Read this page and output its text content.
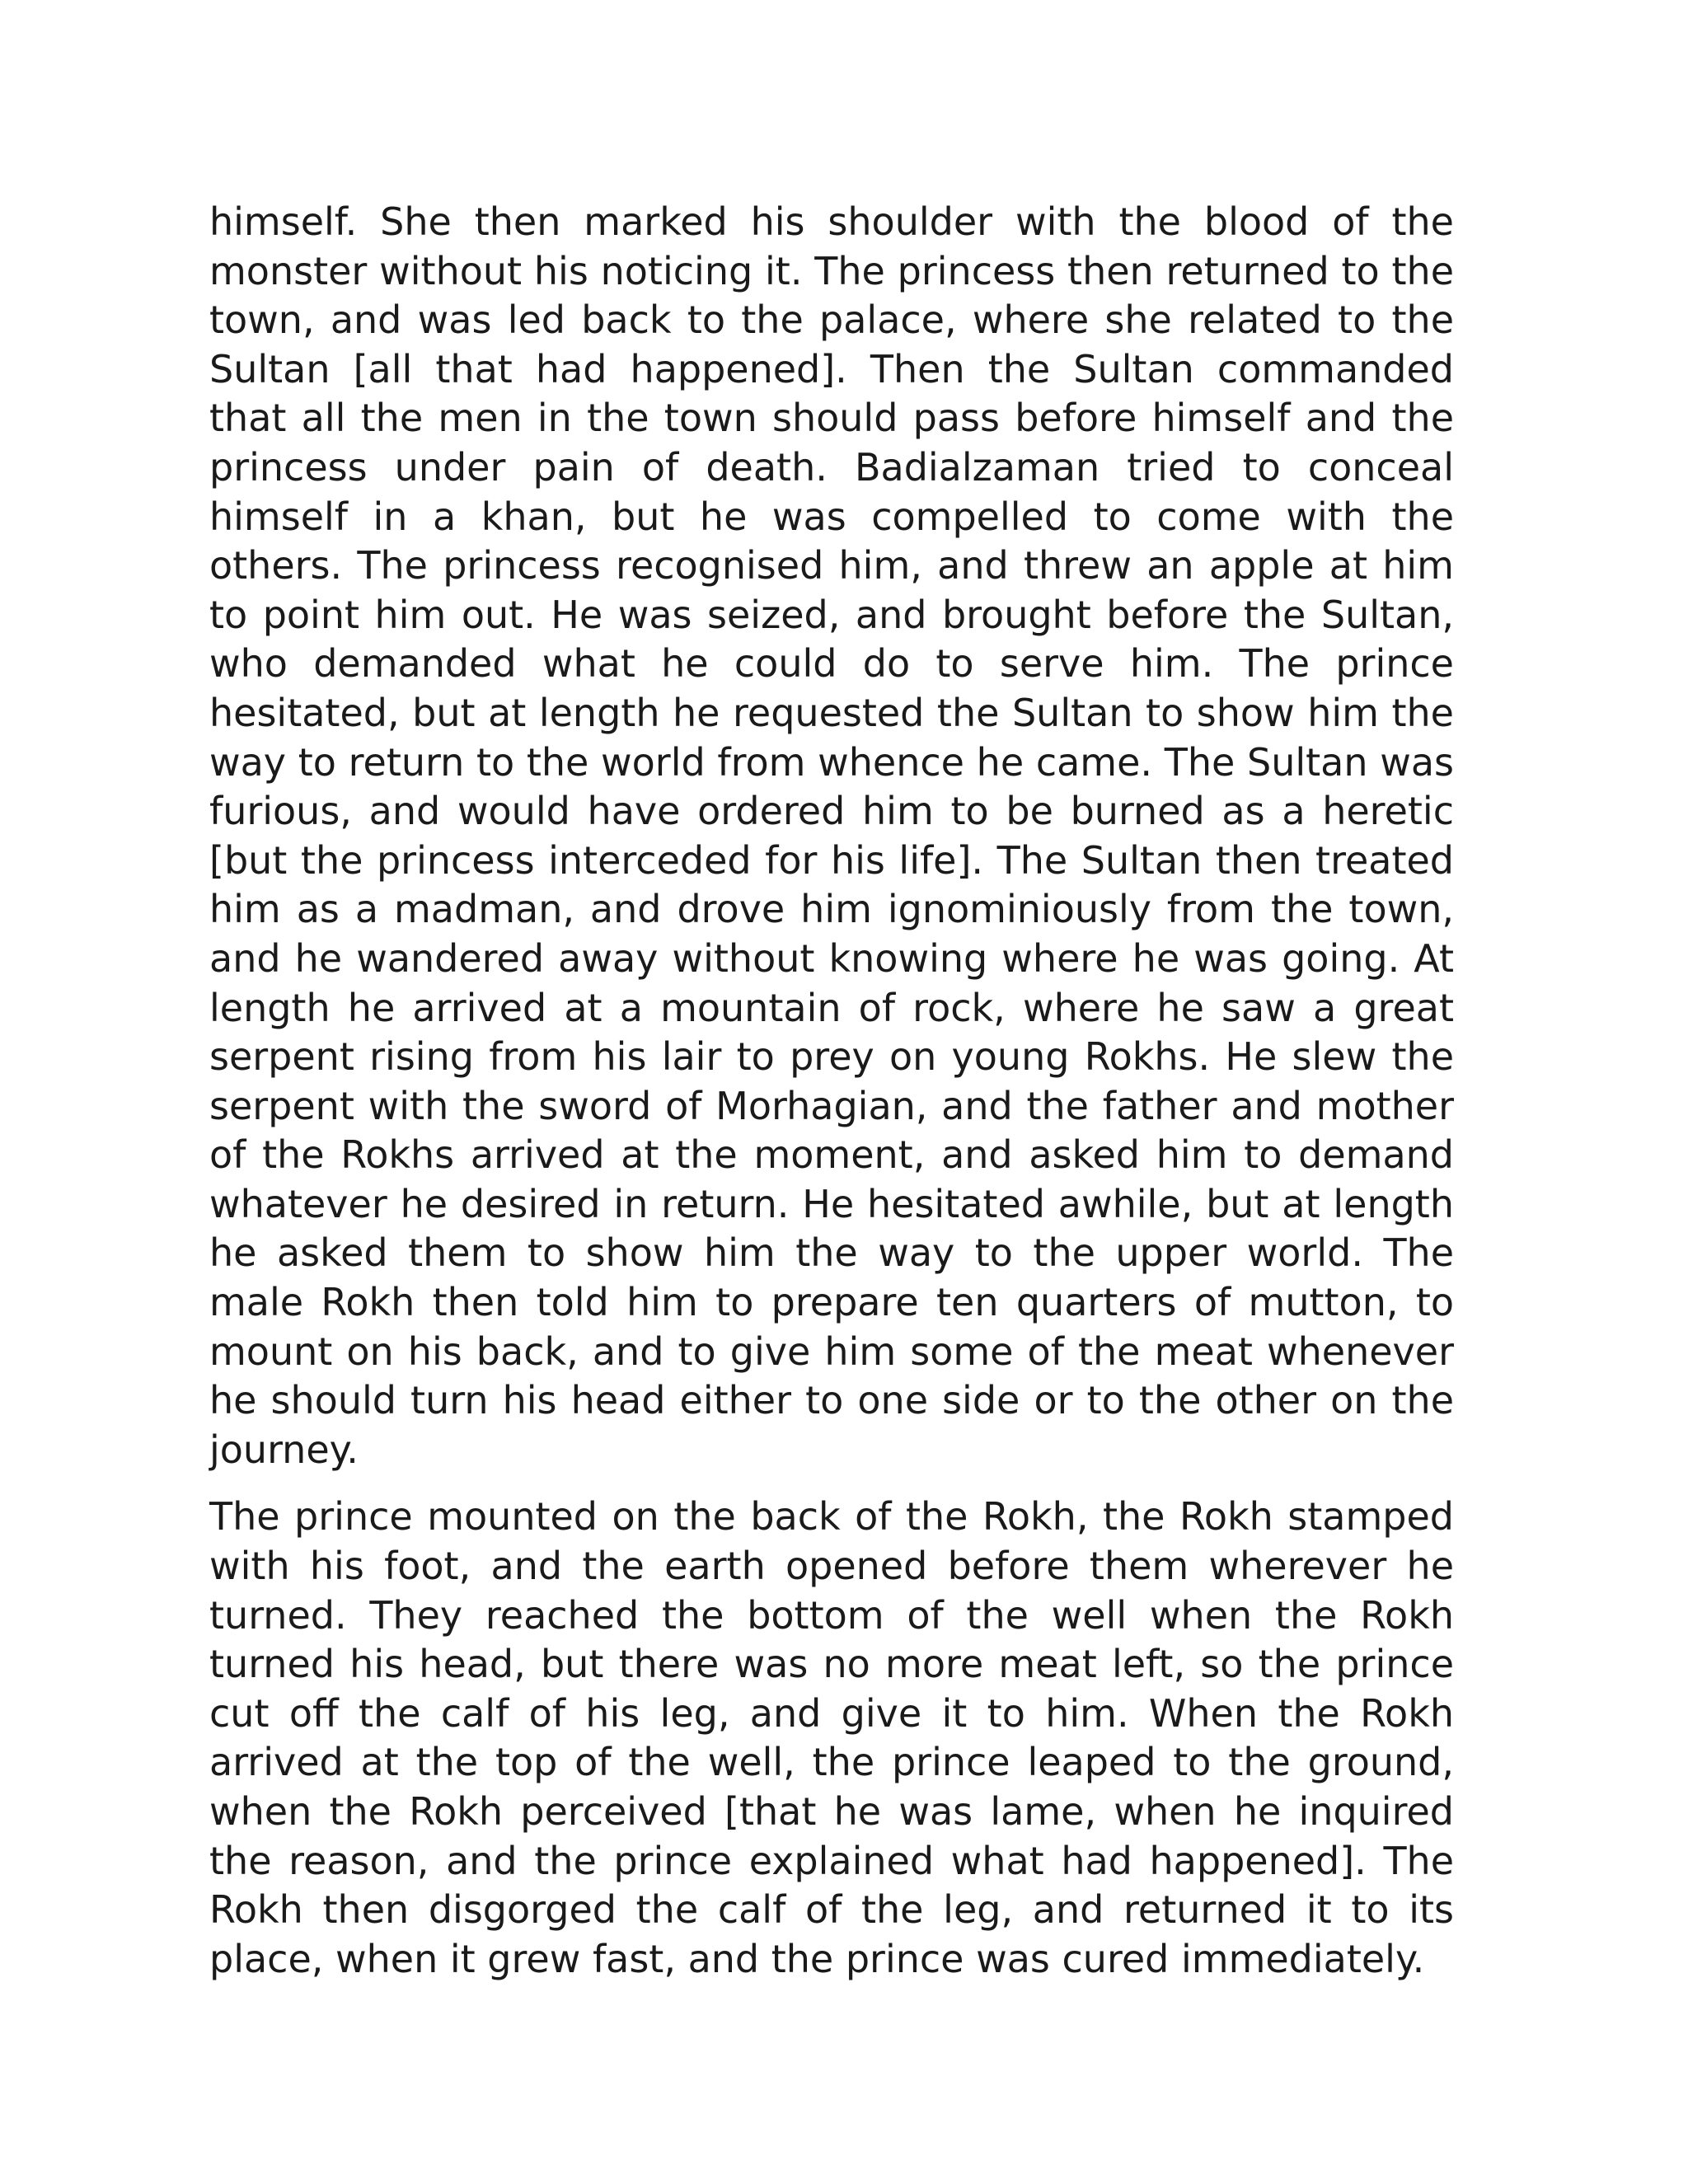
himself. She then marked his shoulder with the blood of the monster without his noticing it. The princess then returned to the town, and was led back to the palace, where she related to the Sultan [all that had happened]. Then the Sultan commanded that all the men in the town should pass before himself and the princess under pain of death. Badialzaman tried to conceal himself in a khan, but he was compelled to come with the others. The princess recognised him, and threw an apple at him to point him out. He was seized, and brought before the Sultan, who demanded what he could do to serve him. The prince hesitated, but at length he requested the Sultan to show him the way to return to the world from whence he came. The Sultan was furious, and would have ordered him to be burned as a heretic [but the princess interceded for his life]. The Sultan then treated him as a madman, and drove him ignominiously from the town, and he wandered away without knowing where he was going. At length he arrived at a mountain of rock, where he saw a great serpent rising from his lair to prey on young Rokhs. He slew the serpent with the sword of Morhagian, and the father and mother of the Rokhs arrived at the moment, and asked him to demand whatever he desired in return. He hesitated awhile, but at length he asked them to show him the way to the upper world. The male Rokh then told him to prepare ten quarters of mutton, to mount on his back, and to give him some of the meat whenever he should turn his head either to one side or to the other on the journey.

The prince mounted on the back of the Rokh, the Rokh stamped with his foot, and the earth opened before them wherever he turned. They reached the bottom of the well when the Rokh turned his head, but there was no more meat left, so the prince cut off the calf of his leg, and give it to him. When the Rokh arrived at the top of the well, the prince leaped to the ground, when the Rokh perceived [that he was lame, when he inquired the reason, and the prince explained what had happened]. The Rokh then disgorged the calf of the leg, and returned it to its place, when it grew fast, and the prince was cured immediately.
